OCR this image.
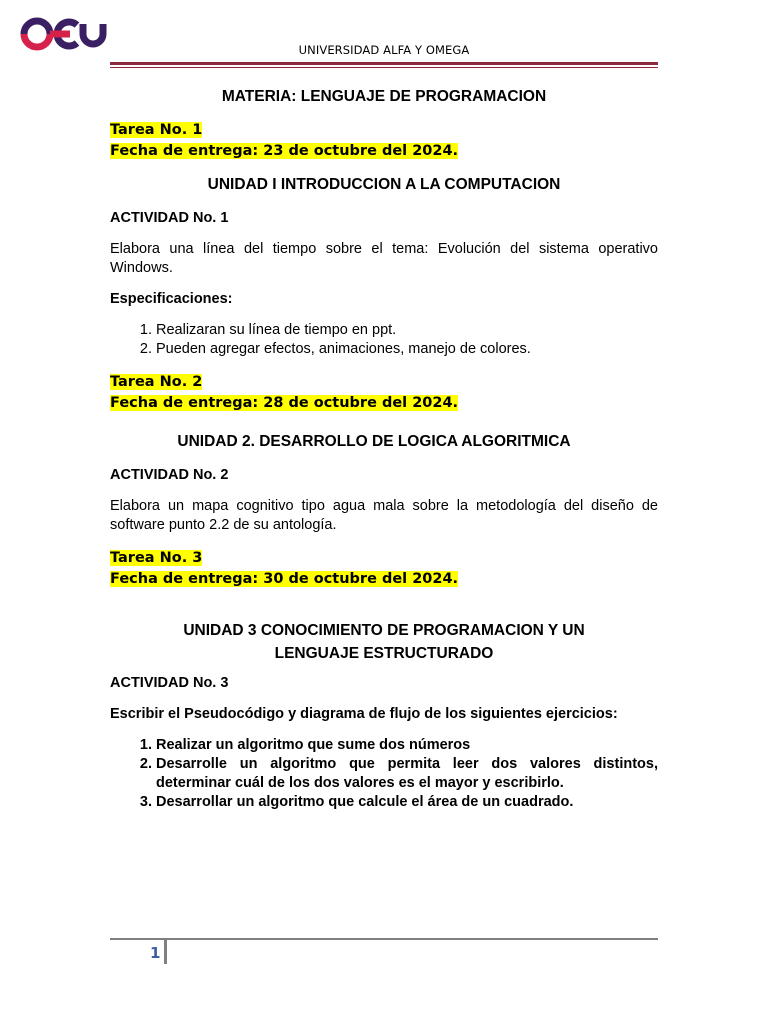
UNIVERSIDAD ALFA Y OMEGA

MATERIA: LENGUAJE DE PROGRAMACION

Tarea No. 1
Fecha de entrega: 23 de octubre del 2024.

UNIDAD I INTRODUCCION A LA COMPUTACION

ACTIVIDAD No. 1

Elabora una línea del tiempo sobre el tema: Evolución del sistema operativo Windows.

Especificaciones:

1. Realizaran su línea de tiempo en ppt.
2. Pueden agregar efectos, animaciones, manejo de colores.
Tarea No. 2
Fecha de entrega: 28 de octubre del 2024.

UNIDAD 2. DESARROLLO DE LOGICA ALGORITMICA

ACTIVIDAD No. 2

Elabora un mapa cognitivo tipo agua mala sobre la metodología del diseño de software punto 2.2 de su antología.

Tarea No. 3
Fecha de entrega: 30 de octubre del 2024.
UNIDAD 3 CONOCIMIENTO DE PROGRAMACION Y UN
LENGUAJE ESTRUCTURADO

ACTIVIDAD No. 3

Escribir el Pseudocódigo y diagrama de flujo de los siguientes ejercicios:

1. Realizar un algoritmo que sume dos números
2. Desarrolle un algoritmo que permita leer dos valores distintos, determinar cuál de los dos valores es el mayor y escribirlo.
3. Desarrollar un algoritmo que calcule el área de un cuadrado.
1
